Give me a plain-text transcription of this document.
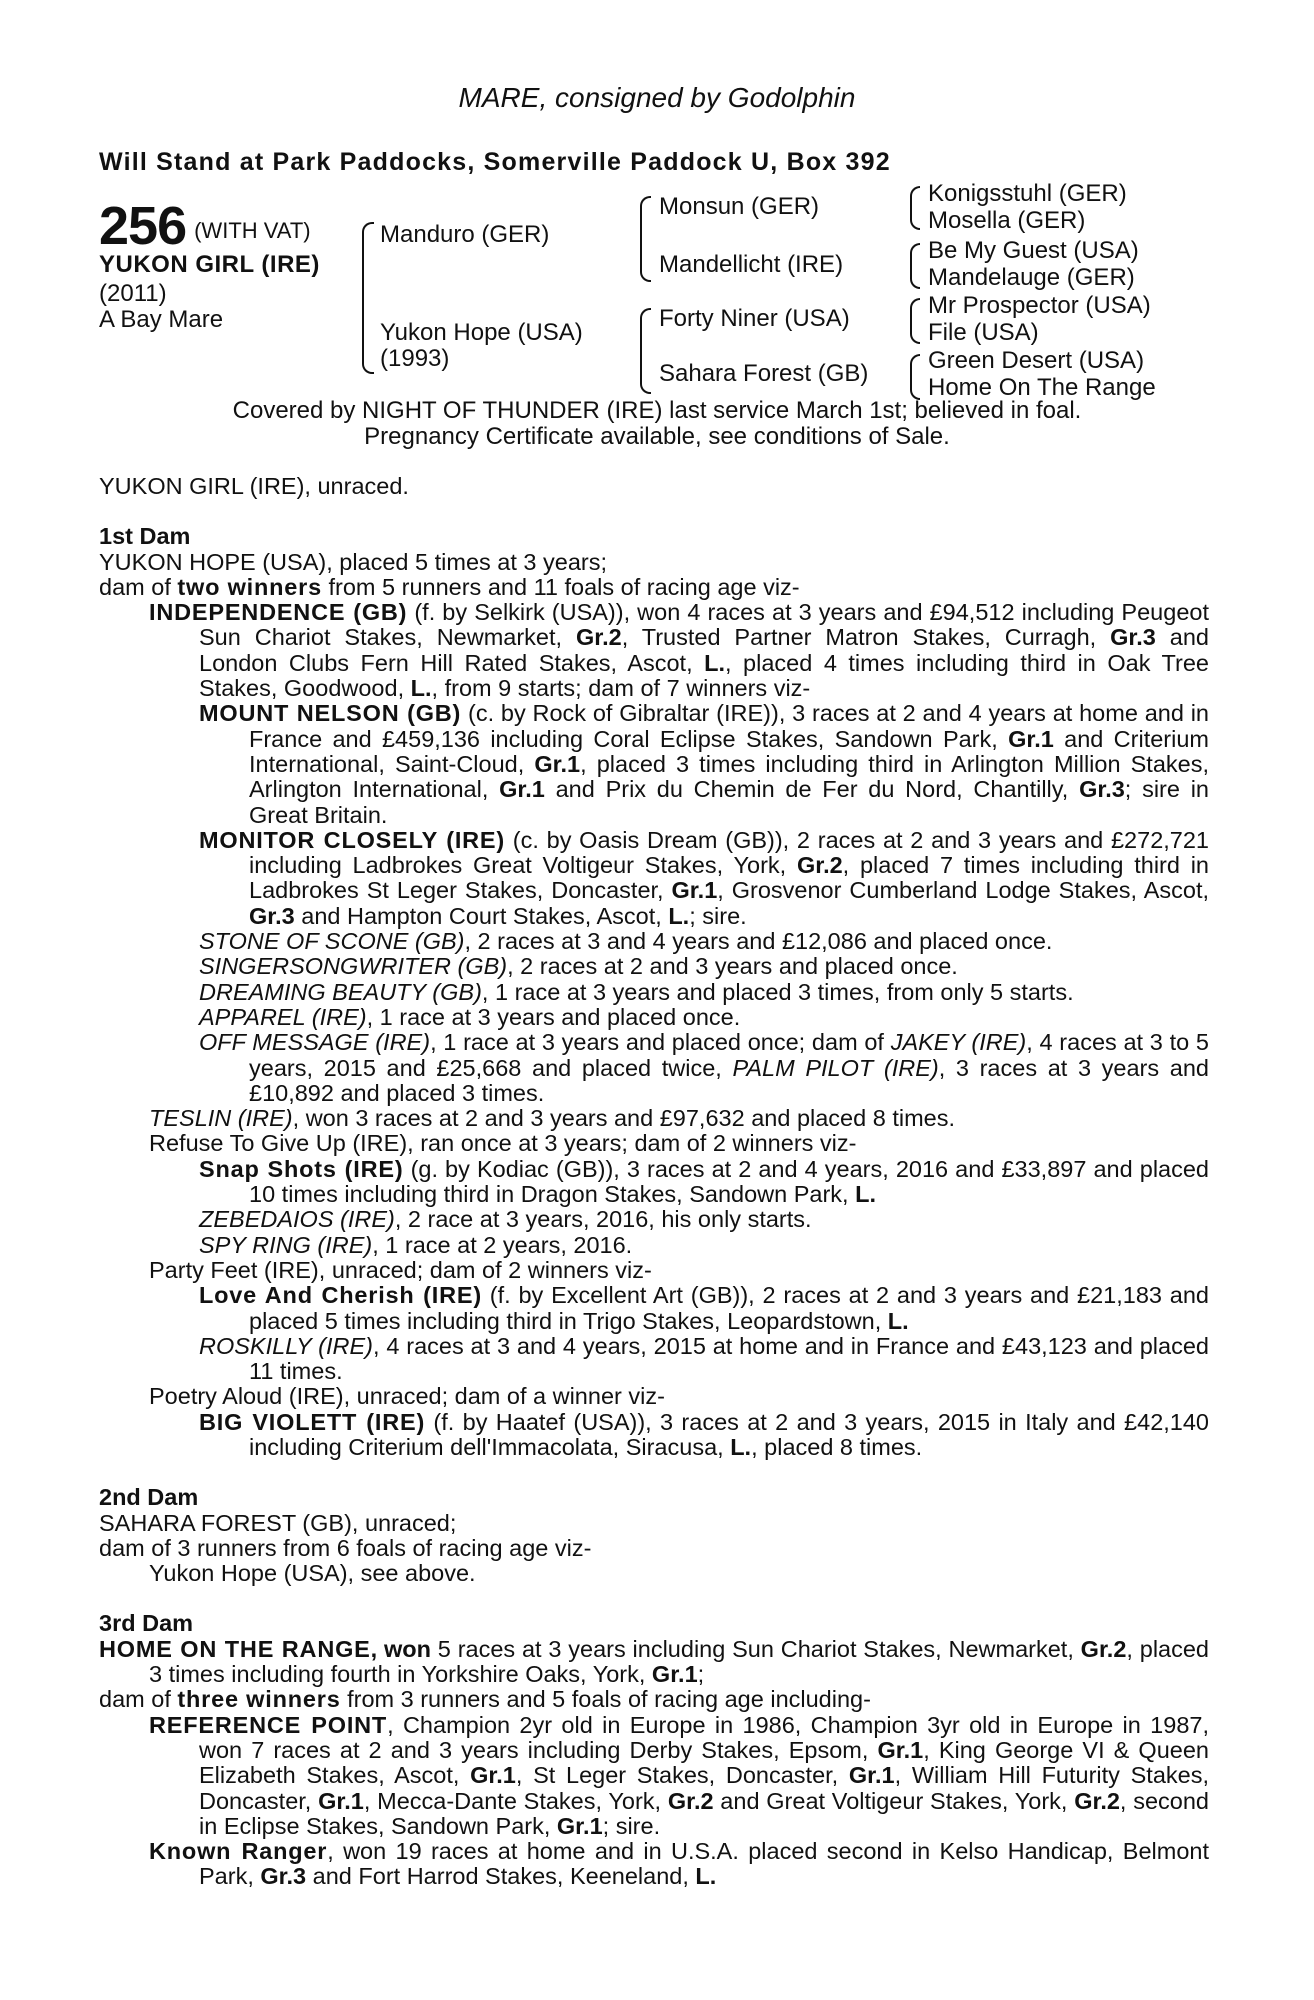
MARE, consigned by Godolphin
Will Stand at Park Paddocks, Somerville Paddock U, Box 392
256 (WITH VAT)
YUKON GIRL (IRE)
(2011)
A Bay Mare
Manduro (GER)
Yukon Hope (USA)
(1993)
Monsun (GER)
Mandellicht (IRE)
Forty Niner (USA)
Sahara Forest (GB)
Konigsstuhl (GER)
Mosella (GER)
Be My Guest (USA)
Mandelauge (GER)
Mr Prospector (USA)
File (USA)
Green Desert (USA)
Home On The Range
Covered by NIGHT OF THUNDER (IRE) last service March 1st; believed in foal.
Pregnancy Certificate available, see conditions of Sale.
YUKON GIRL (IRE), unraced.
1st Dam
YUKON HOPE (USA), placed 5 times at 3 years;
dam of two winners from 5 runners and 11 foals of racing age viz-
INDEPENDENCE (GB) (f. by Selkirk (USA)), won 4 races at 3 years and £94,512 including Peugeot Sun Chariot Stakes, Newmarket, Gr.2, Trusted Partner Matron Stakes, Curragh, Gr.3 and London Clubs Fern Hill Rated Stakes, Ascot, L., placed 4 times including third in Oak Tree Stakes, Goodwood, L., from 9 starts; dam of 7 winners viz-
MOUNT NELSON (GB) (c. by Rock of Gibraltar (IRE)), 3 races at 2 and 4 years at home and in France and £459,136 including Coral Eclipse Stakes, Sandown Park, Gr.1 and Criterium International, Saint-Cloud, Gr.1, placed 3 times including third in Arlington Million Stakes, Arlington International, Gr.1 and Prix du Chemin de Fer du Nord, Chantilly, Gr.3; sire in Great Britain.
MONITOR CLOSELY (IRE) (c. by Oasis Dream (GB)), 2 races at 2 and 3 years and £272,721 including Ladbrokes Great Voltigeur Stakes, York, Gr.2, placed 7 times including third in Ladbrokes St Leger Stakes, Doncaster, Gr.1, Grosvenor Cumberland Lodge Stakes, Ascot, Gr.3 and Hampton Court Stakes, Ascot, L.; sire.
STONE OF SCONE (GB), 2 races at 3 and 4 years and £12,086 and placed once.
SINGERSONGWRITER (GB), 2 races at 2 and 3 years and placed once.
DREAMING BEAUTY (GB), 1 race at 3 years and placed 3 times, from only 5 starts.
APPAREL (IRE), 1 race at 3 years and placed once.
OFF MESSAGE (IRE), 1 race at 3 years and placed once; dam of JAKEY (IRE), 4 races at 3 to 5 years, 2015 and £25,668 and placed twice, PALM PILOT (IRE), 3 races at 3 years and £10,892 and placed 3 times.
TESLIN (IRE), won 3 races at 2 and 3 years and £97,632 and placed 8 times.
Refuse To Give Up (IRE), ran once at 3 years; dam of 2 winners viz-
Snap Shots (IRE) (g. by Kodiac (GB)), 3 races at 2 and 4 years, 2016 and £33,897 and placed 10 times including third in Dragon Stakes, Sandown Park, L.
ZEBEDAIOS (IRE), 2 race at 3 years, 2016, his only starts.
SPY RING (IRE), 1 race at 2 years, 2016.
Party Feet (IRE), unraced; dam of 2 winners viz-
Love And Cherish (IRE) (f. by Excellent Art (GB)), 2 races at 2 and 3 years and £21,183 and placed 5 times including third in Trigo Stakes, Leopardstown, L.
ROSKILLY (IRE), 4 races at 3 and 4 years, 2015 at home and in France and £43,123 and placed 11 times.
Poetry Aloud (IRE), unraced; dam of a winner viz-
BIG VIOLETT (IRE) (f. by Haatef (USA)), 3 races at 2 and 3 years, 2015 in Italy and £42,140 including Criterium dell'Immacolata, Siracusa, L., placed 8 times.
2nd Dam
SAHARA FOREST (GB), unraced;
dam of 3 runners from 6 foals of racing age viz-
Yukon Hope (USA), see above.
3rd Dam
HOME ON THE RANGE, won 5 races at 3 years including Sun Chariot Stakes, Newmarket, Gr.2, placed 3 times including fourth in Yorkshire Oaks, York, Gr.1;
dam of three winners from 3 runners and 5 foals of racing age including-
REFERENCE POINT, Champion 2yr old in Europe in 1986, Champion 3yr old in Europe in 1987, won 7 races at 2 and 3 years including Derby Stakes, Epsom, Gr.1, King George VI & Queen Elizabeth Stakes, Ascot, Gr.1, St Leger Stakes, Doncaster, Gr.1, William Hill Futurity Stakes, Doncaster, Gr.1, Mecca-Dante Stakes, York, Gr.2 and Great Voltigeur Stakes, York, Gr.2, second in Eclipse Stakes, Sandown Park, Gr.1; sire.
Known Ranger, won 19 races at home and in U.S.A. placed second in Kelso Handicap, Belmont Park, Gr.3 and Fort Harrod Stakes, Keeneland, L.
